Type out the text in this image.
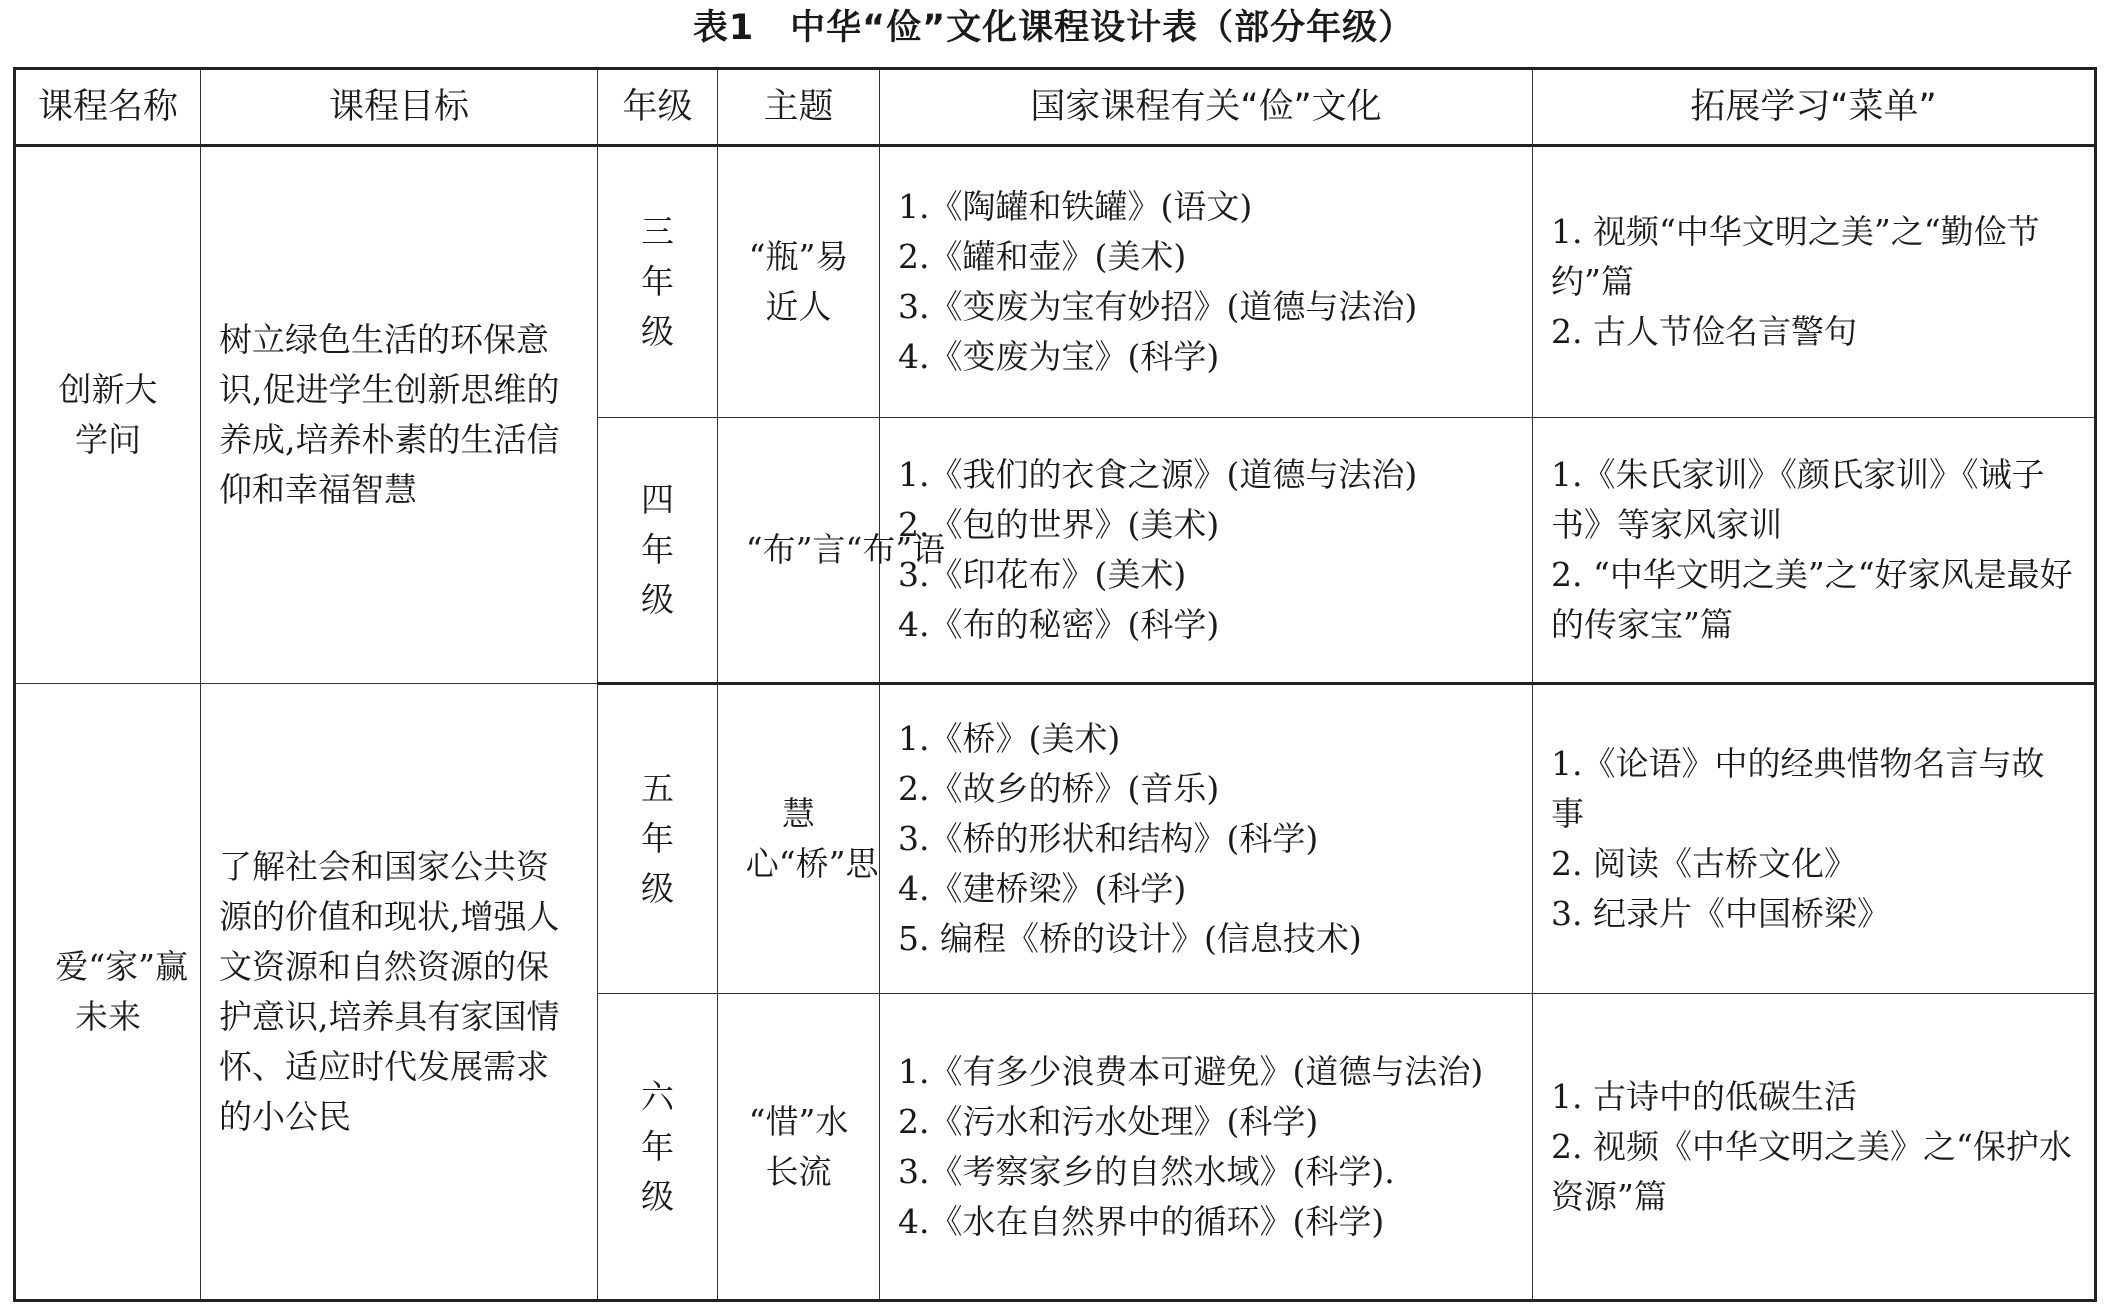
表1　中华“俭”文化课程设计表（部分年级）
课程名称	课程目标	年级	主题	国家课程有关“俭”文化	拓展学习“菜单”
创新大学问	树立绿色生活的环保意识,促进学生创新思维的养成,培养朴素的生活信仰和幸福智慧	三年级	“瓶”易近人	1.《陶罐和铁罐》(语文)
2.《罐和壶》(美术)
3.《变废为宝有妙招》(道德与法治)
4.《变废为宝》(科学)	1. 视频“中华文明之美”之“勤俭节约”篇
2. 古人节俭名言警句

		四年级	“布”言“布”语	1.《我们的衣食之源》(道德与法治)
2.《包的世界》(美术)
3.《印花布》(美术)
4.《布的秘密》(科学)	1.《朱氏家训》《颜氏家训》《诫子书》等家风家训
2. “中华文明之美”之“好家风是最好的传家宝”篇

爱“家”赢未来	了解社会和国家公共资源的价值和现状,增强人文资源和自然资源的保护意识,培养具有家国情怀、适应时代发展需求的小公民	五年级	慧心“桥”思	1.《桥》(美术)
2.《故乡的桥》(音乐)
3.《桥的形状和结构》(科学)
4.《建桥梁》(科学)
5. 编程《桥的设计》(信息技术)	1.《论语》中的经典惜物名言与故事
2. 阅读《古桥文化》
3. 纪录片《中国桥梁》

		六年级	“惜”水长流	1.《有多少浪费本可避免》(道德与法治)
2.《污水和污水处理》(科学)
3.《考察家乡的自然水域》(科学).
4.《水在自然界中的循环》(科学)	1. 古诗中的低碳生活
2. 视频《中华文明之美》之“保护水资源”篇
